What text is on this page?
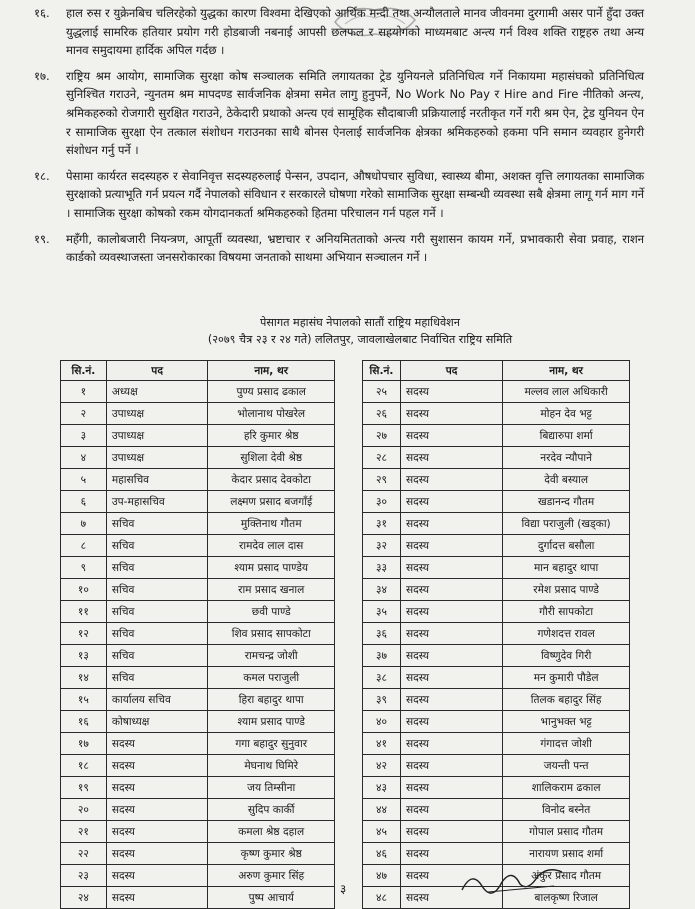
१६.	हाल रुस र युक्रेनबिच चलिरहेको युद्धका कारण विश्वमा देखिएको आर्थिक मन्दी तथा अन्यौलताले मानव जीवनमा दुरगामी असर पार्ने हुँदा उक्त युद्धलाई सामरिक हतियार प्रयोग गरी होडबाजी नबनाई आपसी छलफल र सहयोगको माध्यमबाट अन्त्य गर्न विश्व शक्ति राष्ट्रहरु तथा अन्य मानव समुदायमा हार्दिक अपिल गर्दछ ।
१७.	राष्ट्रिय श्रम आयोग, सामाजिक सुरक्षा कोष सञ्चालक समिति लगायतका ट्रेड युनियनले प्रतिनिधित्व गर्ने निकायमा महासंघको प्रतिनिधित्व सुनिश्चित गराउने, न्युनतम श्रम मापदण्ड सार्वजनिक क्षेत्रमा समेत लागु हुनुपर्ने, No Work No Pay र Hire and Fire नीतिको अन्त्य, श्रमिकहरुको रोजगारी सुरक्षित गराउने, ठेकेदारी प्रथाको अन्त्य एवं सामूहिक सौदाबाजी प्रक्रियालाई नरतीकृत गर्ने गरी श्रम ऐन, ट्रेड युनियन ऐन र सामाजिक सुरक्षा ऐन तत्काल संशोधन गराउनका साथै बोनस ऐनलाई सार्वजनिक क्षेत्रका श्रमिकहरुको हकमा पनि समान व्यवहार हुनेगरी संशोधन गर्नु पर्ने ।
१८.	पेसामा कार्यरत सदस्यहरु र सेवानिवृत्त सदस्यहरुलाई पेन्सन, उपदान, औषधोपचार सुविधा, स्वास्थ्य बीमा, अशक्त वृत्ति लगायतका सामाजिक सुरक्षाको प्रत्याभूति गर्न प्रयत्न गर्दै नेपालको संविधान र सरकारले घोषणा गरेको सामाजिक सुरक्षा सम्बन्धी व्यवस्था सबै क्षेत्रमा लागू गर्न माग गर्ने । सामाजिक सुरक्षा कोषको रकम योगदानकर्ता श्रमिकहरुको हितमा परिचालन गर्न पहल गर्ने ।
१९.	महँगी, कालोबजारी नियन्त्रण, आपूर्ती व्यवस्था, भ्रष्टाचार र अनियमितताको अन्त्य गरी सुशासन कायम गर्ने, प्रभावकारी सेवा प्रवाह, राशन कार्डको व्यवस्थाजस्ता जनसरोकारका विषयमा जनताको साथमा अभियान सञ्चालन गर्ने ।
पेसागत महासंघ नेपालको सातौं राष्ट्रिय महाधिवेशन
(२०७९ चैत्र २३ र २४ गते) ललितपुर, जावलाखेलबाट निर्वाचित राष्ट्रिय समिति
सि.नं.	पद	नाम, थर
१	अध्यक्ष	पुण्य प्रसाद ढकाल
२	उपाध्यक्ष	भोलानाथ पोखरेल
३	उपाध्यक्ष	हरि कुमार श्रेष्ठ
४	उपाध्यक्ष	सुशिला देवी श्रेष्ठ
५	महासचिव	केदार प्रसाद देवकोटा
६	उप-महासचिव	लक्ष्मण प्रसाद बजगाँई
७	सचिव	मुक्तिनाथ गौतम
८	सचिव	रामदेव लाल दास
९	सचिव	श्याम प्रसाद पाण्डेय
१०	सचिव	राम प्रसाद खनाल
११	सचिव	छवी पाण्डे
१२	सचिव	शिव प्रसाद सापकोटा
१३	सचिव	रामचन्द्र जोशी
१४	सचिव	कमल पराजुली
१५	कार्यालय सचिव	हिरा बहादुर थापा
१६	कोषाध्यक्ष	श्याम प्रसाद पाण्डे
१७	सदस्य	गगा बहादुर सुनुवार
१८	सदस्य	मेघनाथ घिमिरे
१९	सदस्य	जय तिम्सीना
२०	सदस्य	सुदिप कार्की
२१	सदस्य	कमला श्रेष्ठ दहाल
२२	सदस्य	कृष्ण कुमार श्रेष्ठ
२३	सदस्य	अरुण कुमार सिंह
२४	सदस्य	पुष्प आचार्य
सि.नं.	पद	नाम, थर
२५	सदस्य	मल्लव लाल अधिकारी
२६	सदस्य	मोहन देव भट्ट
२७	सदस्य	बिद्यारुपा शर्मा
२८	सदस्य	नरदेव न्यौपाने
२९	सदस्य	देवी बस्याल
३०	सदस्य	खडानन्द गौतम
३१	सदस्य	विद्या पराजुली (खड्का)
३२	सदस्य	दुर्गादत्त बसौला
३३	सदस्य	मान बहादुर थापा
३४	सदस्य	रमेश प्रसाद पाण्डे
३५	सदस्य	गौरी सापकोटा
३६	सदस्य	गणेशदत्त रावल
३७	सदस्य	विष्णुदेव गिरी
३८	सदस्य	मन कुमारी पौडेल
३९	सदस्य	तिलक बहादुर सिंह
४०	सदस्य	भानुभक्त भट्ट
४१	सदस्य	गंगादत्त जोशी
४२	सदस्य	जयन्ती पन्त
४३	सदस्य	शालिकराम ढकाल
४४	सदस्य	विनोद बस्नेत
४५	सदस्य	गोपाल प्रसाद गौतम
४६	सदस्य	नारायण प्रसाद शर्मा
४७	सदस्य	अंकुर प्रसाद गौतम
४८	सदस्य	बालकृष्ण रिजाल
३
